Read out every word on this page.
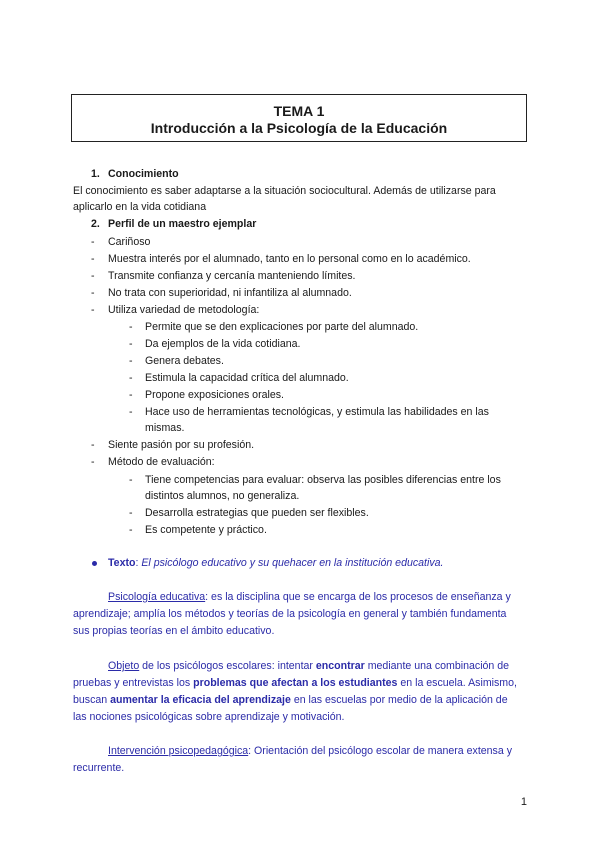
TEMA 1
Introducción a la Psicología de la Educación
1. Conocimiento
El conocimiento es saber adaptarse a la situación sociocultural. Además de utilizarse para
aplicarlo en la vida cotidiana
2. Perfil de un maestro ejemplar
- Cariñoso
- Muestra interés por el alumnado, tanto en lo personal como en lo académico.
- Transmite confianza y cercanía manteniendo límites.
- No trata con superioridad, ni infantiliza al alumnado.
- Utiliza variedad de metodología:
- Permite que se den explicaciones por parte del alumnado.
- Da ejemplos de la vida cotidiana.
- Genera debates.
- Estimula la capacidad crítica del alumnado.
- Propone exposiciones orales.
- Hace uso de herramientas tecnológicas, y estimula las habilidades en las
mismas.
- Siente pasión por su profesión.
- Método de evaluación:
- Tiene competencias para evaluar: observa las posibles diferencias entre los
distintos alumnos, no generaliza.
- Desarrolla estrategias que pueden ser flexibles.
- Es competente y práctico.
Texto: El psicólogo educativo y su quehacer en la institución educativa.
Psicología educativa: es la disciplina que se encarga de los procesos de enseñanza y
aprendizaje; amplía los métodos y teorías de la psicología en general y también fundamenta
sus propias teorías en el ámbito educativo.
Objeto de los psicólogos escolares: intentar encontrar mediante una combinación de
pruebas y entrevistas los problemas que afectan a los estudiantes en la escuela. Asimismo,
buscan aumentar la eficacia del aprendizaje en las escuelas por medio de la aplicación de
las nociones psicológicas sobre aprendizaje y motivación.
Intervención psicopedagógica: Orientación del psicólogo escolar de manera extensa y
recurrente.
1
